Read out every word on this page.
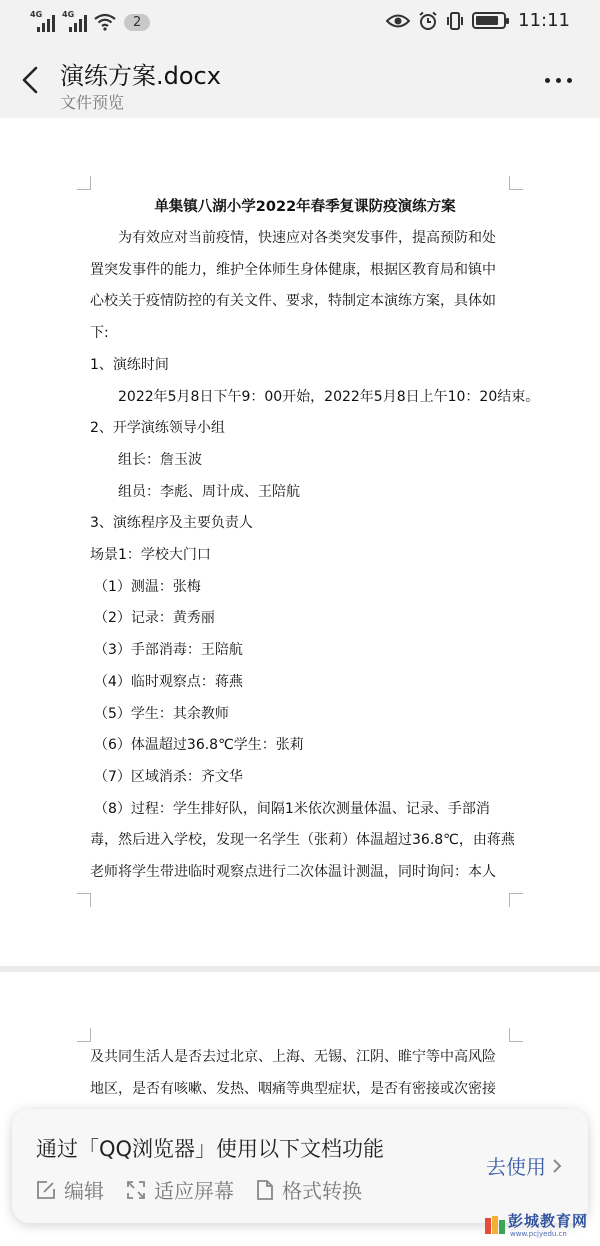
4G 4G	2	11:11
演练方案.docx
文件预览
单集镇八湖小学2022年春季复课防疫演练方案
为有效应对当前疫情，快速应对各类突发事件，提高预防和处
置突发事件的能力，维护全体师生身体健康，根据区教育局和镇中
心校关于疫情防控的有关文件、要求，特制定本演练方案，具体如
下:
1、演练时间
2022年5月8日下午9：00开始，2022年5月8日上午10：20结束。
2、开学演练领导小组
组长：詹玉波
组员：李彪、周计成、王陪航
3、演练程序及主要负责人
场景1：学校大门口
（1）测温：张梅
（2）记录：黄秀丽
（3）手部消毒：王陪航
（4）临时观察点：蒋燕
（5）学生：其余教师
（6）体温超过36.8℃学生：张莉
（7）区域消杀：齐文华
（8）过程：学生排好队，间隔1米依次测量体温、记录、手部消
毒，然后进入学校，发现一名学生（张莉）体温超过36.8℃，由蒋燕
老师将学生带进临时观察点进行二次体温计测温，同时询问：本人
及共同生活人是否去过北京、上海、无锡、江阴、睢宁等中高风险
地区，是否有咳嗽、发热、咽痛等典型症状，是否有密接或次密接
通过「QQ浏览器」使用以下文档功能
去使用
编辑	适应屏幕 格式转换
彭城教育网
www.pcjyedu.cn
